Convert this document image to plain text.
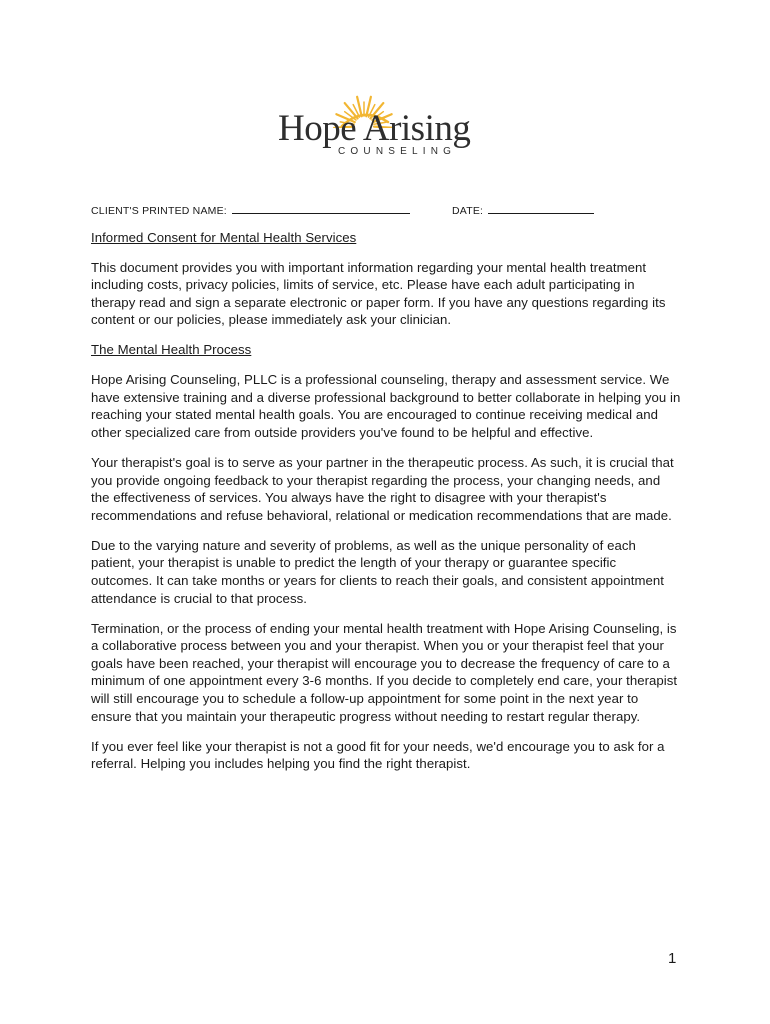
Hope Arising
COUNSELING
CLIENT'S PRINTED NAME:	DATE:
Informed Consent for Mental Health Services

This document provides you with important information regarding your mental health treatment including costs, privacy policies, limits of service, etc. Please have each adult participating in therapy read and sign a separate electronic or paper form. If you have any questions regarding its content or our policies, please immediately ask your clinician.

The Mental Health Process

Hope Arising Counseling, PLLC is a professional counseling, therapy and assessment service. We have extensive training and a diverse professional background to better collaborate in helping you in reaching your stated mental health goals. You are encouraged to continue receiving medical and other specialized care from outside providers you've found to be helpful and effective.

Your therapist's goal is to serve as your partner in the therapeutic process. As such, it is crucial that you provide ongoing feedback to your therapist regarding the process, your changing needs, and the effectiveness of services. You always have the right to disagree with your therapist's recommendations and refuse behavioral, relational or medication recommendations that are made.

Due to the varying nature and severity of problems, as well as the unique personality of each patient, your therapist is unable to predict the length of your therapy or guarantee specific outcomes. It can take months or years for clients to reach their goals, and consistent appointment attendance is crucial to that process.

Termination, or the process of ending your mental health treatment with Hope Arising Counseling, is a collaborative process between you and your therapist. When you or your therapist feel that your goals have been reached, your therapist will encourage you to decrease the frequency of care to a minimum of one appointment every 3-6 months. If you decide to completely end care, your therapist will still encourage you to schedule a follow-up appointment for some point in the next year to ensure that you maintain your therapeutic progress without needing to restart regular therapy.

If you ever feel like your therapist is not a good fit for your needs, we'd encourage you to ask for a referral. Helping you includes helping you find the right therapist.

1
